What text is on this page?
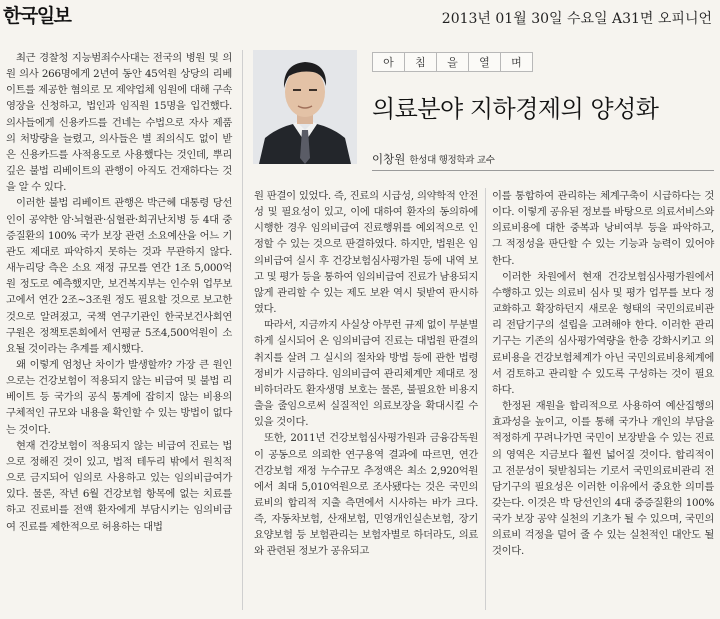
한국일보	2013년 01월 30일 수요일 A31면 오피니언

최근 경찰청 지능범죄수사대는 전국의 병원 및 의원 의사 266명에게 2년여 동안 45억원 상당의 리베이트를 제공한 혐의로 모 제약업체 임원에 대해 구속영장을 신청하고, 법인과 임직원 15명을 입건했다. 의사들에게 신용카드를 건네는 수법으로 자사 제품의 처방량을 늘렸고, 의사들은 별 죄의식도 없이 받은 신용카드를 사적용도로 사용했다는 것인데, 뿌리 깊은 불법 리베이트의 관행이 아직도 건재하다는 것을 알 수 있다.

이러한 불법 리베이트 관행은 박근혜 대통령 당선인이 공약한 암·뇌혈관·심혈관·희귀난치병 등 4대 중증질환의 100% 국가 보장 관련 소요예산을 어느 기관도 제대로 파악하지 못하는 것과 무관하지 않다. 새누리당 측은 소요 재정 규모를 연간 1조 5,000억원 정도로 예측했지만, 보건복지부는 인수위 업무보고에서 연간 2조~3조원 정도 필요할 것으로 보고한 것으로 알려졌고, 국책 연구기관인 한국보건사회연구원은 정책토론회에서 연평균 5조4,500억원이 소요될 것이라는 추계를 제시했다.

왜 이렇게 엄청난 차이가 발생할까? 가장 큰 원인으로는 건강보험이 적용되지 않는 비급여 및 불법 리베이트 등 국가의 공식 통계에 잡히지 않는 비용의 구체적인 규모와 내용을 확인할 수 있는 방법이 없다는 것이다.

현재 건강보험이 적용되지 않는 비급여 진료는 법으로 정해진 것이 있고, 법적 테두리 밖에서 원칙적으로 금지되어 임의로 사용하고 있는 임의비급여가 있다. 물론, 작년 6월 건강보험 항목에 없는 치료를 하고 진료비를 전액 환자에게 부담시키는 임의비급여 진료를 제한적으로 허용하는 대법

아	침	을	열	며
의료분야 지하경제의 양성화
이창원 한성대 행정학과 교수

원 판결이 있었다. 즉, 진료의 시급성, 의약학적 안전성 및 필요성이 있고, 이에 대하여 환자의 동의하에 시행한 경우 임의비급여 진료행위를 예외적으로 인정할 수 있는 것으로 판결하였다. 하지만, 법원은 임의비급여 실시 후 건강보험심사평가원 등에 내역 보고 및 평가 등을 통하여 임의비급여 진료가 남용되지 않게 관리할 수 있는 제도 보완 역시 뒷받여 판시하였다.

따라서, 지금까지 사실상 아무런 규제 없이 무분별하게 실시되어 온 임의비급여 진료는 대법원 판결의 취지를 살려 그 실시의 절차와 방법 등에 관한 법령정비가 시급하다. 임의비급여 관리체계만 제대로 정비하더라도 환자생명 보호는 물론, 불필요한 비용지출을 줄임으로써 실질적인 의료보장을 확대시킬 수 있을 것이다.

또한, 2011년 건강보험심사평가원과 금융감독원이 공동으로 의뢰한 연구용역 결과에 따르면, 연간 건강보험 재정 누수규모 추정액은 최소 2,920억원에서 최대 5,010억원으로 조사됐다는 것은 국민의료비의 합리적 지출 측면에서 시사하는 바가 크다. 즉, 자동차보험, 산재보험, 민영개인실손보험, 장기요양보험 등 보험관리는 보험자별로 하더라도, 의료와 관련된 정보가 공유되고

이를 통합하여 관리하는 체계구축이 시급하다는 것이다. 이렇게 공유된 정보를 바탕으로 의료서비스와 의료비용에 대한 중복과 낭비여부 등을 파악하고, 그 적정성을 판단할 수 있는 기능과 능력이 있어야 한다.

이러한 차원에서 현재 건강보험심사평가원에서 수행하고 있는 의료비 심사 및 평가 업무를 보다 정교화하고 확장하던지 새로운 형태의 국민의료비관리 전담기구의 설립을 고려해야 한다. 이러한 관리기구는 기존의 심사평가역량을 한층 강화시키고 의료비용을 건강보험체계가 아닌 국민의료비용체계에서 검토하고 관리할 수 있도록 구성하는 것이 필요하다.

한정된 재원을 합리적으로 사용하여 예산집행의 효과성을 높이고, 이를 통해 국가나 개인의 부담을 적정하게 꾸려나가면 국민이 보장받을 수 있는 진료의 영역은 지금보다 훨씬 넓어질 것이다. 합리적이고 전문성이 뒷받침되는 기로서 국민의료비관리 전담기구의 필요성은 이러한 이유에서 중요한 의미를 갖는다. 이것은 박 당선인의 4대 중증질환의 100% 국가 보장 공약 실천의 기초가 될 수 있으며, 국민의 의료비 걱정을 덜어 줄 수 있는 실천적인 대안도 될 것이다.
